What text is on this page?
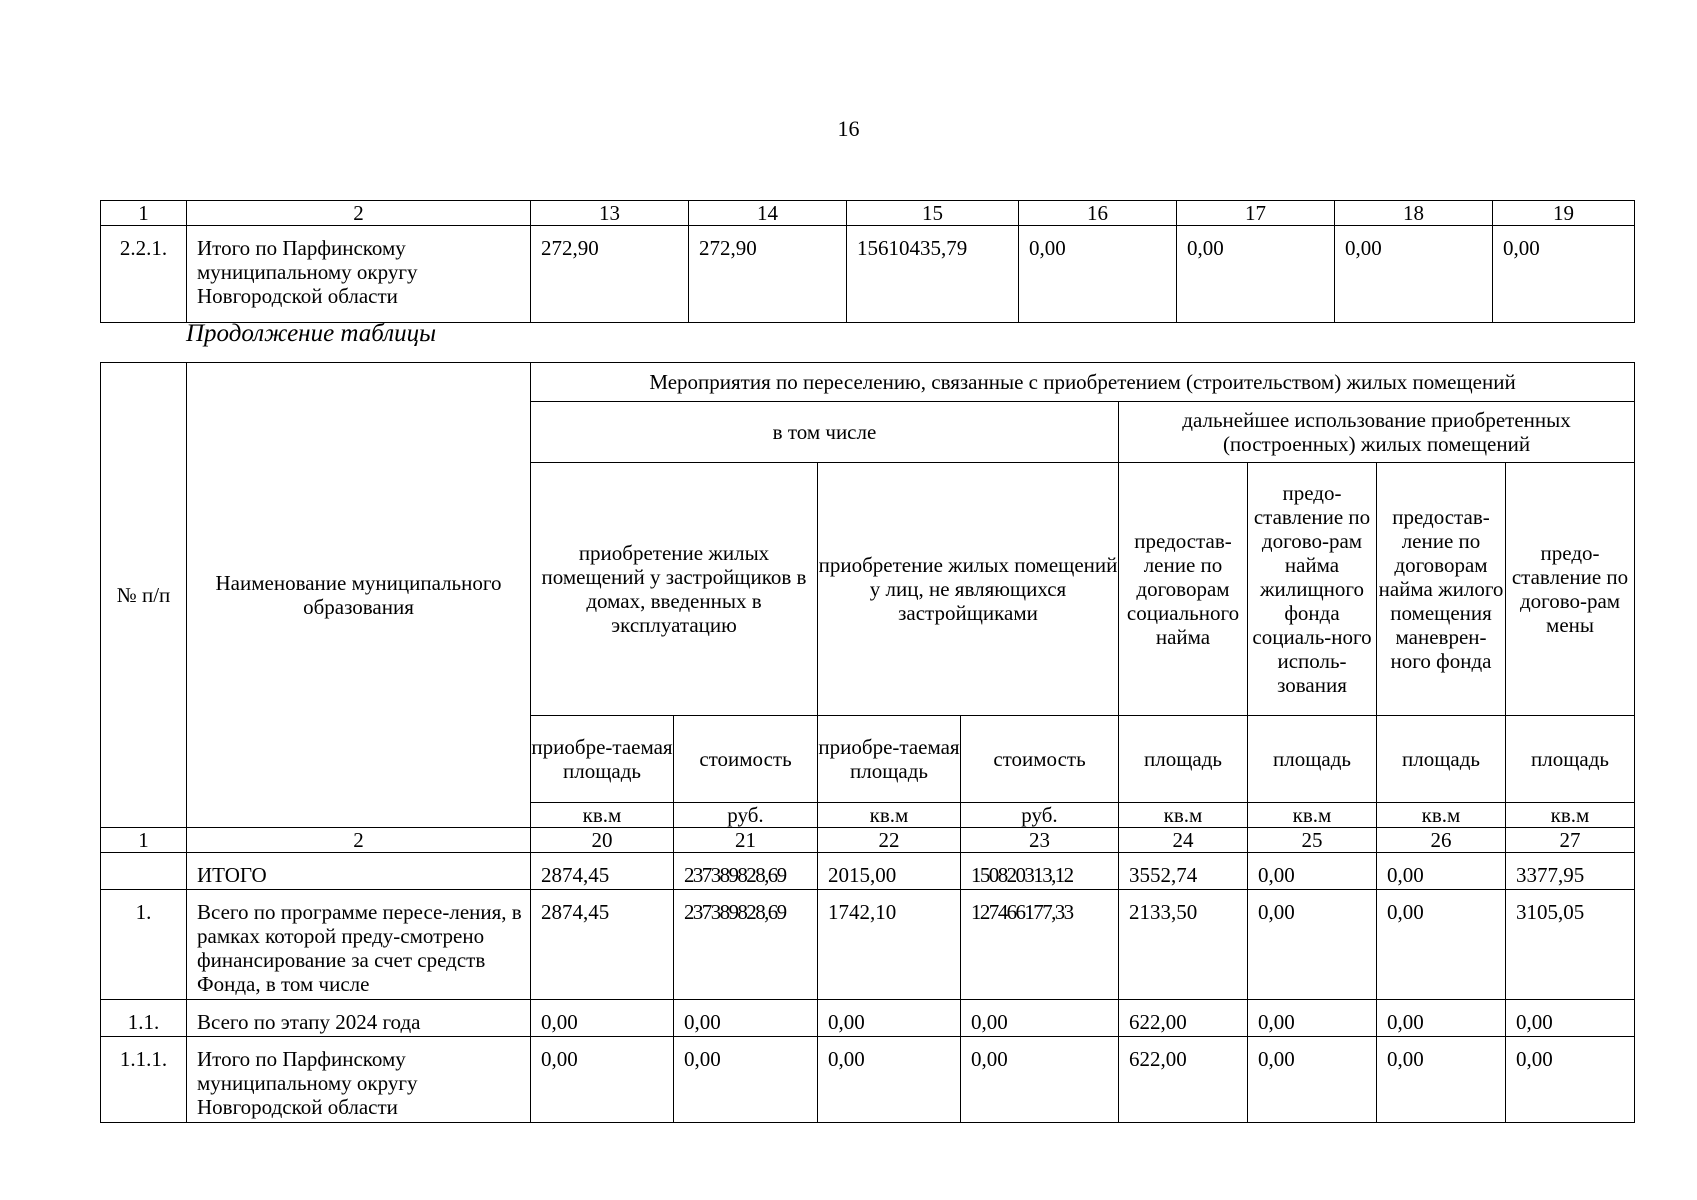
16
1	2	13	14	15	16	17	18	19
2.2.1.	Итого по Парфинскому муниципальному округу Новгородской области	272,90	272,90	15610435,79	0,00	0,00	0,00	0,00
Продолжение таблицы
№ п/п	Наименование муниципального образования	Мероприятия по переселению, связанные с приобретением (строительством) жилых помещений							
		в том числе				дальнейшее использование приобретенных (построенных) жилых помещений			
		приобретение жилых помещений у застройщиков в домах, введенных в эксплуатацию		приобретение жилых помещений у лиц, не являющихся застройщиками		предостав-ление по договорам социального найма	предо-ставление по догово-рам найма жилищного фонда социаль-ного исполь-зования	предостав-ление по договорам найма жилого помещения маневрен-ного фонда	предо-ставление по догово-рам мены
		приобре-таемая площадь	стоимость	приобре-таемая площадь	стоимость	площадь	площадь	площадь	площадь
		кв.м	руб.	кв.м	руб.	кв.м	кв.м	кв.м	кв.м
1	2	20	21	22	23	24	25	26	27
	ИТОГО	2874,45	237389828,69	2015,00	150820313,12	3552,74	0,00	0,00	3377,95
1.	Всего по программе пересе-ления, в рамках которой преду-смотрено финансирование за счет средств Фонда, в том числе	2874,45	237389828,69	1742,10	127466177,33	2133,50	0,00	0,00	3105,05
1.1.	Всего по этапу 2024 года	0,00	0,00	0,00	0,00	622,00	0,00	0,00	0,00
1.1.1.	Итого по Парфинскому муниципальному округу Новгородской области	0,00	0,00	0,00	0,00	622,00	0,00	0,00	0,00
